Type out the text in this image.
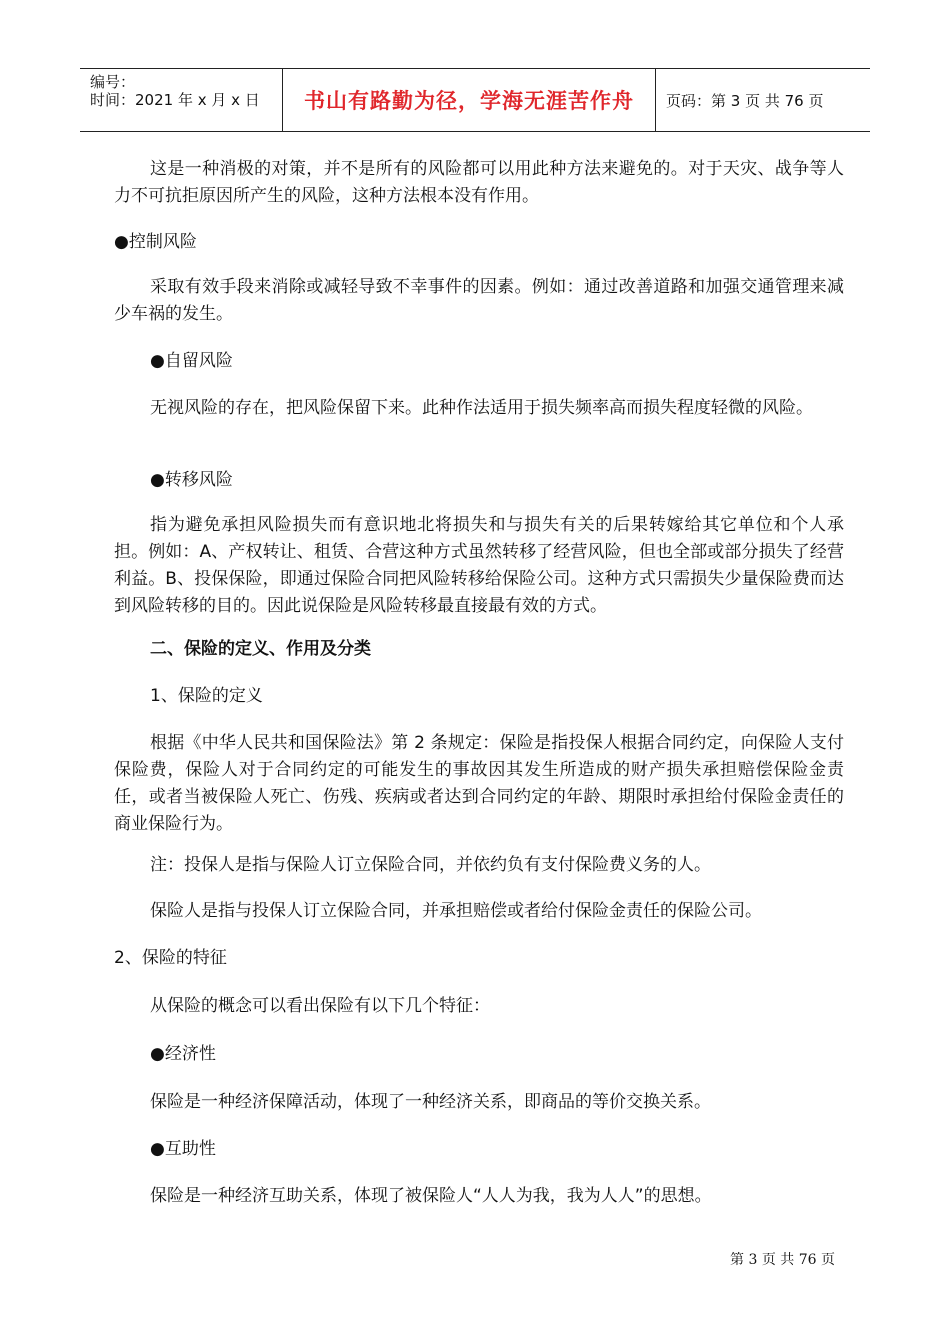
编号：
时间：2021 年 x 月 x 日 书山有路勤为径，学海无涯苦作舟 页码：第 3 页 共 76 页

这是一种消极的对策，并不是所有的风险都可以用此种方法来避免的。对于天灾、战争等人力不可抗拒原因所产生的风险，这种方法根本没有作用。

●控制风险

采取有效手段来消除或减轻导致不幸事件的因素。例如：通过改善道路和加强交通管理来减少车祸的发生。

●自留风险

无视风险的存在，把风险保留下来。此种作法适用于损失频率高而损失程度轻微的风险。

●转移风险

指为避免承担风险损失而有意识地北将损失和与损失有关的后果转嫁给其它单位和个人承担。例如：A、产权转让、租赁、合营这种方式虽然转移了经营风险，但也全部或部分损失了经营利益。B、投保保险，即通过保险合同把风险转移给保险公司。这种方式只需损失少量保险费而达到风险转移的目的。因此说保险是风险转移最直接最有效的方式。

二、保险的定义、作用及分类

1、保险的定义

根据《中华人民共和国保险法》第 2 条规定：保险是指投保人根据合同约定，向保险人支付保险费，保险人对于合同约定的可能发生的事故因其发生所造成的财产损失承担赔偿保险金责任，或者当被保险人死亡、伤残、疾病或者达到合同约定的年龄、期限时承担给付保险金责任的商业保险行为。

注：投保人是指与保险人订立保险合同，并依约负有支付保险费义务的人。

保险人是指与投保人订立保险合同，并承担赔偿或者给付保险金责任的保险公司。

2、保险的特征

从保险的概念可以看出保险有以下几个特征：

●经济性

保险是一种经济保障活动，体现了一种经济关系，即商品的等价交换关系。

●互助性

保险是一种经济互助关系，体现了被保险人“人人为我，我为人人”的思想。

第 3 页 共 76 页
